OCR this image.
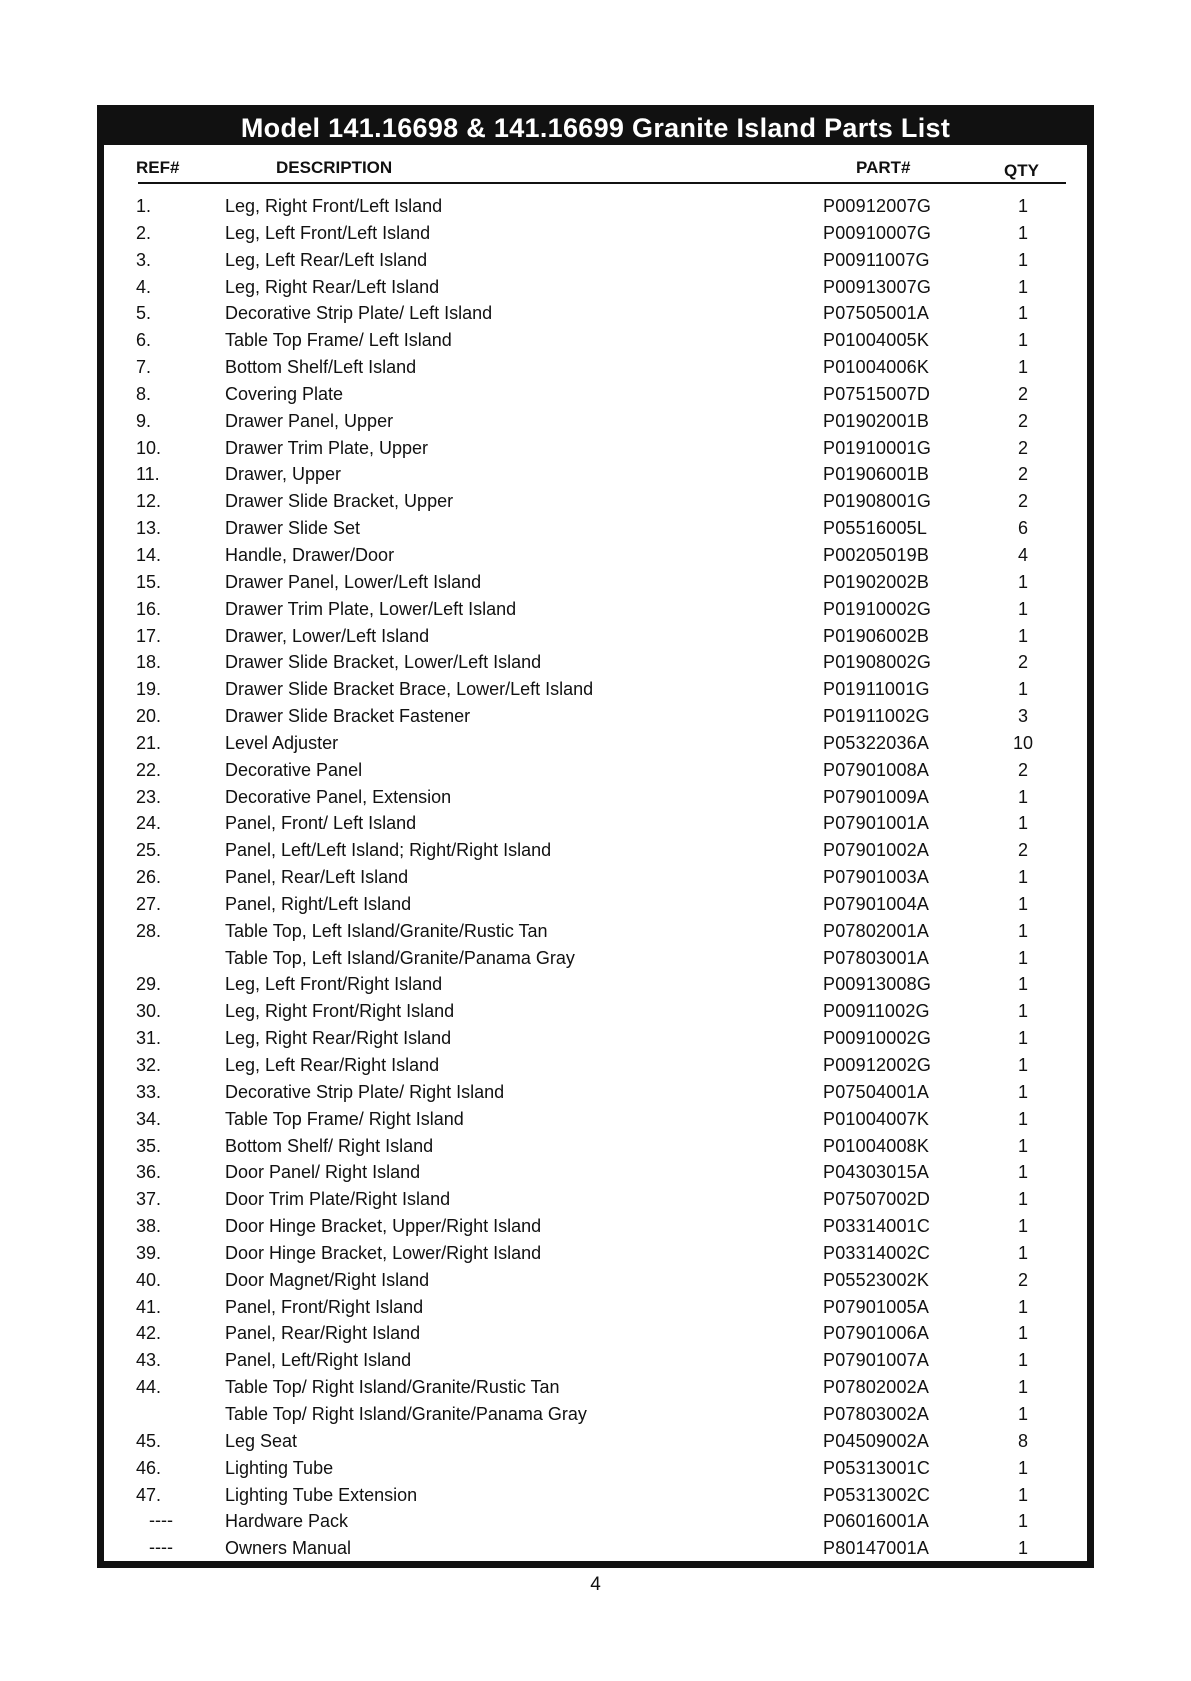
Model 141.16698 & 141.16699 Granite Island Parts List
REF#	DESCRIPTION	PART#	QTY
1.	Leg, Right Front/Left Island	P00912007G	1
2.	Leg, Left Front/Left Island	P00910007G	1
3.	Leg, Left Rear/Left Island	P00911007G	1
4.	Leg, Right Rear/Left Island	P00913007G	1
5.	Decorative Strip Plate/ Left Island	P07505001A	1
6.	Table Top Frame/ Left Island	P01004005K	1
7.	Bottom Shelf/Left Island	P01004006K	1
8.	Covering Plate	P07515007D	2
9.	Drawer Panel, Upper	P01902001B	2
10.	Drawer Trim Plate, Upper	P01910001G	2
11.	Drawer, Upper	P01906001B	2
12.	Drawer Slide Bracket, Upper	P01908001G	2
13.	Drawer Slide Set	P05516005L	6
14.	Handle, Drawer/Door	P00205019B	4
15.	Drawer Panel, Lower/Left Island	P01902002B	1
16.	Drawer Trim Plate, Lower/Left Island	P01910002G	1
17.	Drawer, Lower/Left Island	P01906002B	1
18.	Drawer Slide Bracket, Lower/Left Island	P01908002G	2
19.	Drawer Slide Bracket Brace, Lower/Left Island	P01911001G	1
20.	Drawer Slide Bracket Fastener	P01911002G	3
21.	Level Adjuster	P05322036A	10
22.	Decorative Panel	P07901008A	2
23.	Decorative Panel, Extension	P07901009A	1
24.	Panel, Front/ Left Island	P07901001A	1
25.	Panel, Left/Left Island; Right/Right Island	P07901002A	2
26.	Panel, Rear/Left Island	P07901003A	1
27.	Panel, Right/Left Island	P07901004A	1
28.	Table Top, Left Island/Granite/Rustic Tan	P07802001A	1
Table Top, Left Island/Granite/Panama Gray	P07803001A	1
29.	Leg, Left Front/Right Island	P00913008G	1
30.	Leg, Right Front/Right Island	P00911002G	1
31.	Leg, Right Rear/Right Island	P00910002G	1
32.	Leg, Left Rear/Right Island	P00912002G	1
33.	Decorative Strip Plate/ Right Island	P07504001A	1
34.	Table Top Frame/ Right Island	P01004007K	1
35.	Bottom Shelf/ Right Island	P01004008K	1
36.	Door Panel/ Right Island	P04303015A	1
37.	Door Trim Plate/Right Island	P07507002D	1
38.	Door Hinge Bracket, Upper/Right Island	P03314001C	1
39.	Door Hinge Bracket, Lower/Right Island	P03314002C	1
40.	Door Magnet/Right Island	P05523002K	2
41.	Panel, Front/Right Island	P07901005A	1
42.	Panel, Rear/Right Island	P07901006A	1
43.	Panel, Left/Right Island	P07901007A	1
44.	Table Top/ Right Island/Granite/Rustic Tan	P07802002A	1
Table Top/ Right Island/Granite/Panama Gray	P07803002A	1
45.	Leg Seat	P04509002A	8
46.	Lighting Tube	P05313001C	1
47.	Lighting Tube Extension	P05313002C	1
----	Hardware Pack	P06016001A	1
----	Owners Manual	P80147001A	1
4
